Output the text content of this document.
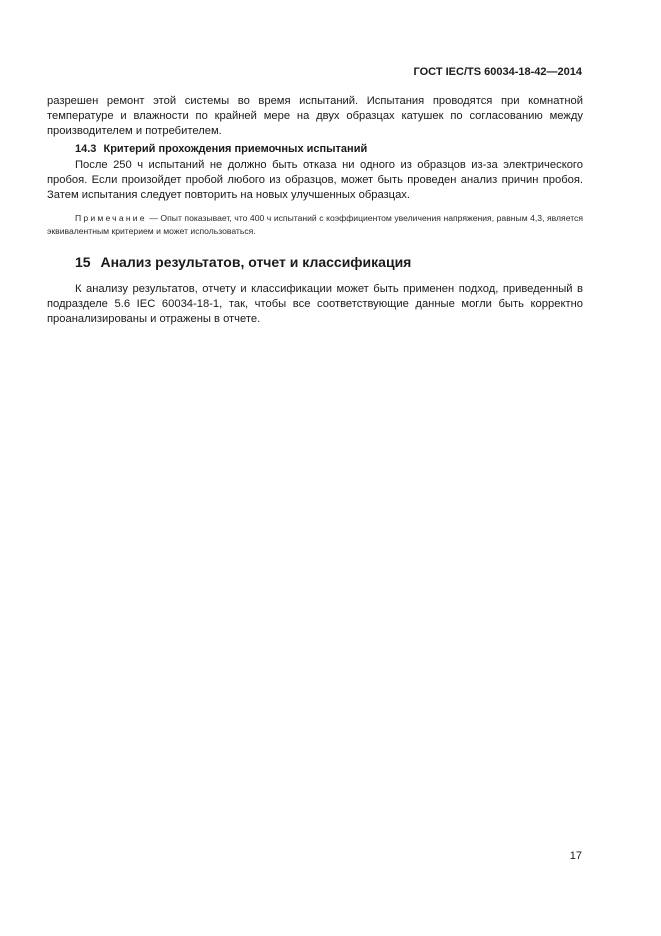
ГОСТ IEC/TS 60034-18-42—2014

разрешен ремонт этой системы во время испытаний. Испытания проводятся при комнатной температуре и влажности по крайней мере на двух образцах катушек по согласованию между производителем и потребителем.

14.3 Критерий прохождения приемочных испытаний

После 250 ч испытаний не должно быть отказа ни одного из образцов из-за электрического пробоя. Если произойдет пробой любого из образцов, может быть проведен анализ причин пробоя. Затем испытания следует повторить на новых улучшенных образцах.

Примечание — Опыт показывает, что 400 ч испытаний с коэффициентом увеличения напряжения, равным 4,3, является эквивалентным критерием и может использоваться.

15 Анализ результатов, отчет и классификация

К анализу результатов, отчету и классификации может быть применен подход, приведенный в подразделе 5.6 IEC 60034-18-1, так, чтобы все соответствующие данные могли быть корректно проанализированы и отражены в отчете.

17
